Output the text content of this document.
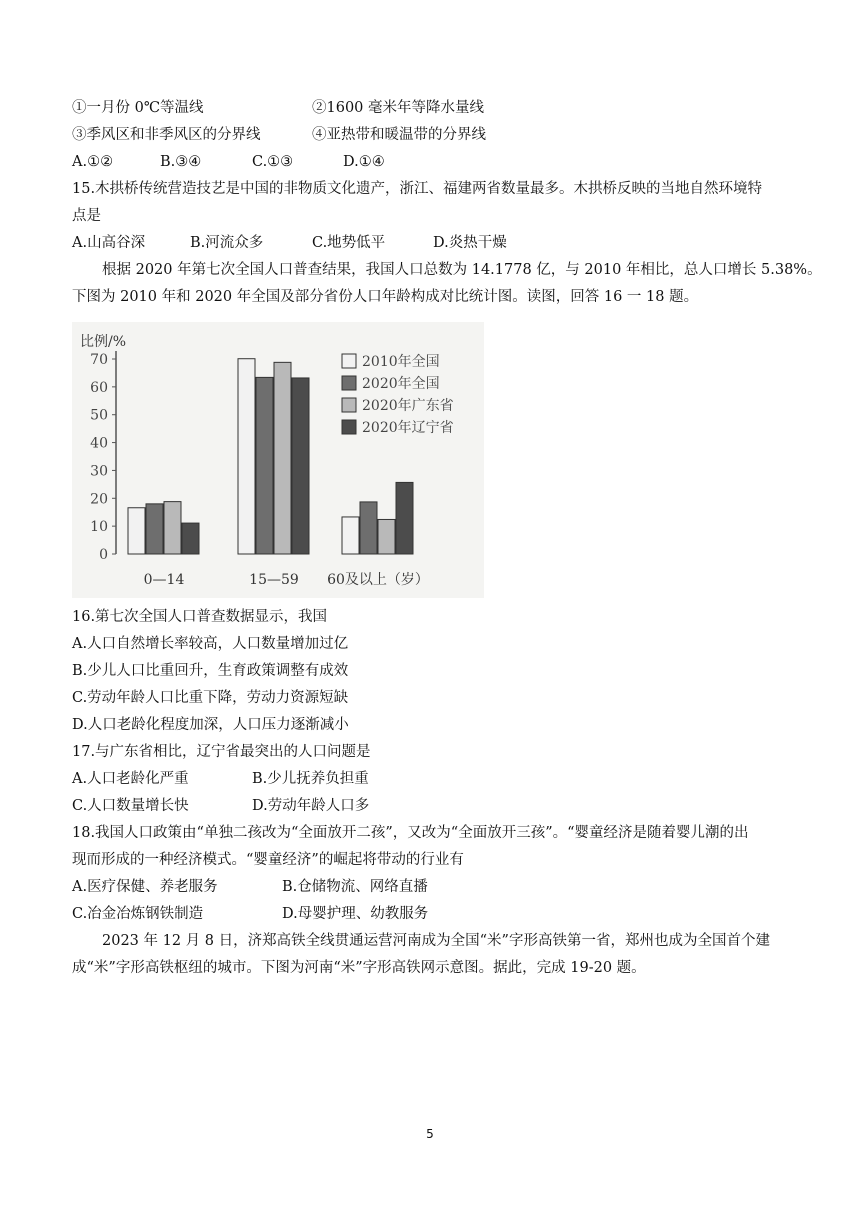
①一月份 0℃等温线	②1600 毫米年等降水量线
③季风区和非季风区的分界线	④亚热带和暖温带的分界线
A.①②	B.③④	C.①③	D.①④
15.木拱桥传统营造技艺是中国的非物质文化遗产，浙江、福建两省数量最多。木拱桥反映的当地自然环境特
点是
A.山高谷深	B.河流众多	C.地势低平	D.炎热干燥
根据 2020 年第七次全国人口普查结果，我国人口总数为 14.1778 亿，与 2010 年相比，总人口增长 5.38%。
下图为 2010 年和 2020 年全国及部分省份人口年龄构成对比统计图。读图，回答 16 一 18 题。
比例/%
0
10
20
30
40
50
60
70
0—14	15—59 60及以上（岁）
2010年全国
2020年全国
2020年广东省
2020年辽宁省
16.第七次全国人口普查数据显示，我国
A.人口自然增长率较高，人口数量增加过亿
B.少儿人口比重回升，生育政策调整有成效
C.劳动年龄人口比重下降，劳动力资源短缺
D.人口老龄化程度加深，人口压力逐渐减小
17.与广东省相比，辽宁省最突出的人口问题是
A.人口老龄化严重	B.少儿抚养负担重
C.人口数量增长快	D.劳动年龄人口多
18.我国人口政策由“单独二孩改为“全面放开二孩”，又改为“全面放开三孩”。“婴童经济是随着婴儿潮的出
现而形成的一种经济模式。“婴童经济”的崛起将带动的行业有
A.医疗保健、养老服务	B.仓储物流、网络直播
C.冶金冶炼钢铁制造	D.母婴护理、幼教服务
2023 年 12 月 8 日，济郑高铁全线贯通运营河南成为全国“米”字形高铁第一省，郑州也成为全国首个建
成“米”字形高铁枢纽的城市。下图为河南“米”字形高铁网示意图。据此，完成 19-20 题。
5
